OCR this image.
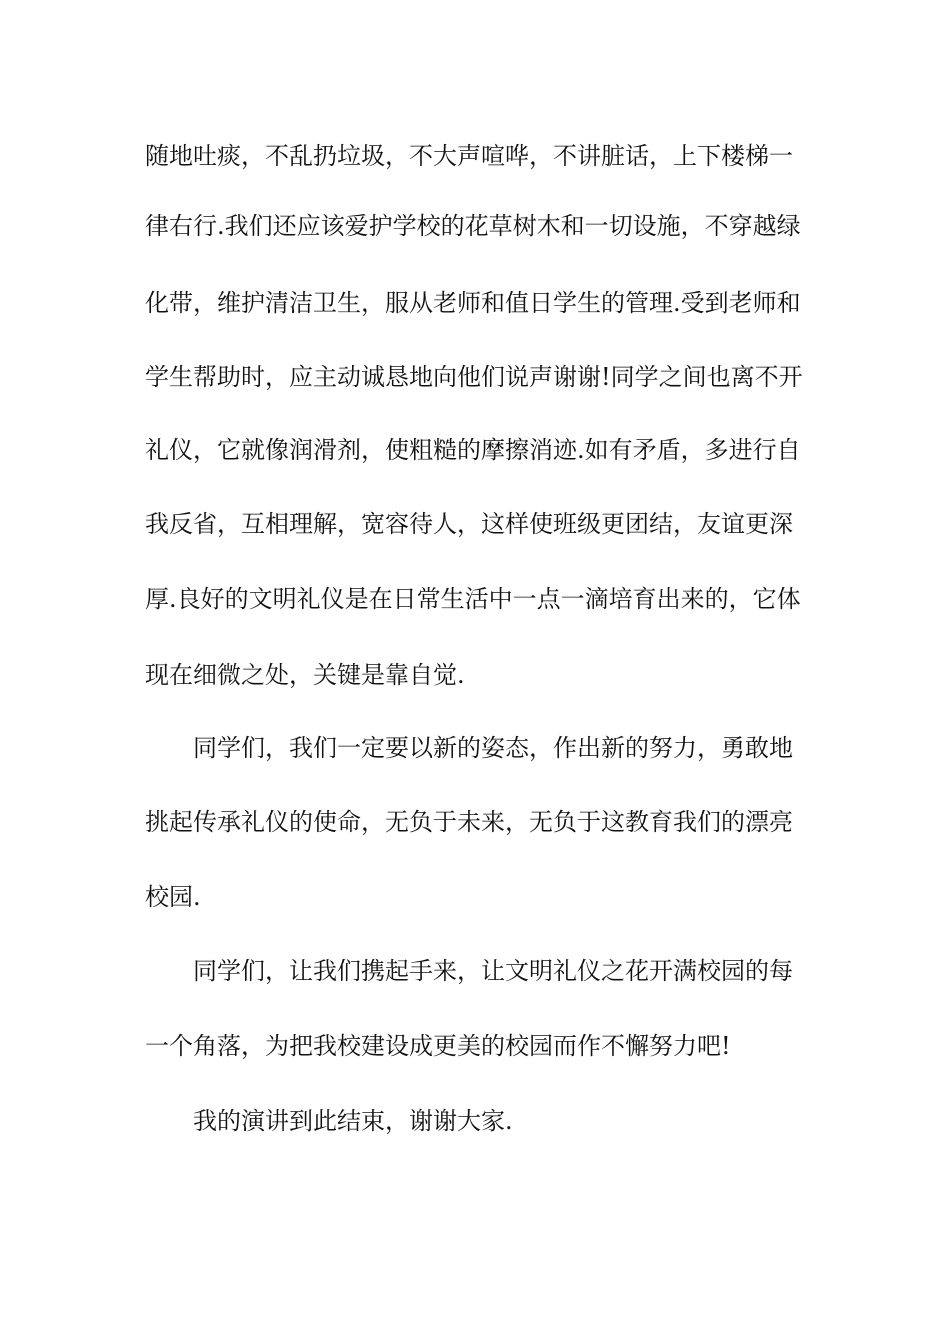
随地吐痰，不乱扔垃圾，不大声喧哗，不讲脏话，上下楼梯一
律右行.我们还应该爱护学校的花草树木和一切设施，不穿越绿
化带，维护清洁卫生，服从老师和值日学生的管理.受到老师和
学生帮助时，应主动诚恳地向他们说声谢谢!同学之间也离不开
礼仪，它就像润滑剂，使粗糙的摩擦消迹.如有矛盾，多进行自
我反省，互相理解，宽容待人，这样使班级更团结，友谊更深
厚.良好的文明礼仪是在日常生活中一点一滴培育出来的，它体
现在细微之处，关键是靠自觉.
同学们，我们一定要以新的姿态，作出新的努力，勇敢地
挑起传承礼仪的使命，无负于未来，无负于这教育我们的漂亮
校园.
同学们，让我们携起手来，让文明礼仪之花开满校园的每
一个角落，为把我校建设成更美的校园而作不懈努力吧!
我的演讲到此结束，谢谢大家.
